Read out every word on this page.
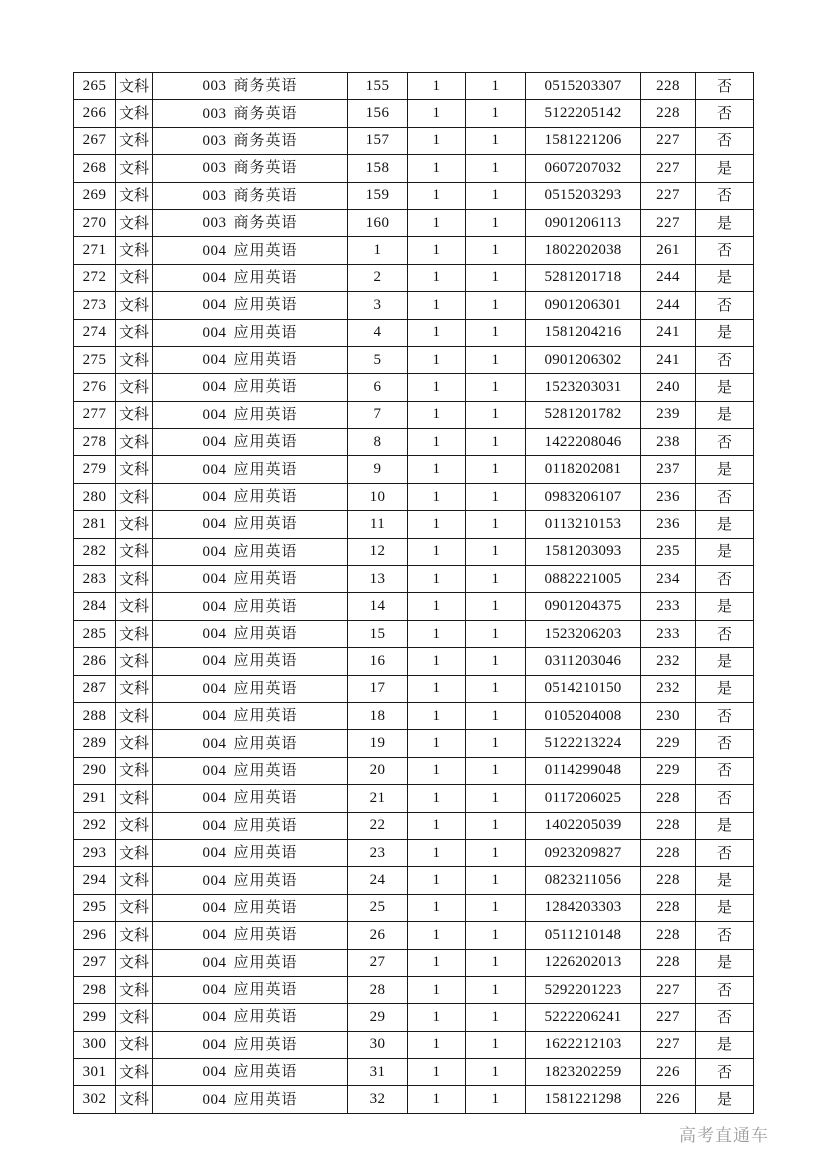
265	文科	003 商务英语	155	1	1	0515203307	228	否
266	文科	003 商务英语	156	1	1	5122205142	228	否
267	文科	003 商务英语	157	1	1	1581221206	227	否
268	文科	003 商务英语	158	1	1	0607207032	227	是
269	文科	003 商务英语	159	1	1	0515203293	227	否
270	文科	003 商务英语	160	1	1	0901206113	227	是
271	文科	004 应用英语	1	1	1	1802202038	261	否
272	文科	004 应用英语	2	1	1	5281201718	244	是
273	文科	004 应用英语	3	1	1	0901206301	244	否
274	文科	004 应用英语	4	1	1	1581204216	241	是
275	文科	004 应用英语	5	1	1	0901206302	241	否
276	文科	004 应用英语	6	1	1	1523203031	240	是
277	文科	004 应用英语	7	1	1	5281201782	239	是
278	文科	004 应用英语	8	1	1	1422208046	238	否
279	文科	004 应用英语	9	1	1	0118202081	237	是
280	文科	004 应用英语	10	1	1	0983206107	236	否
281	文科	004 应用英语	11	1	1	0113210153	236	是
282	文科	004 应用英语	12	1	1	1581203093	235	是
283	文科	004 应用英语	13	1	1	0882221005	234	否
284	文科	004 应用英语	14	1	1	0901204375	233	是
285	文科	004 应用英语	15	1	1	1523206203	233	否
286	文科	004 应用英语	16	1	1	0311203046	232	是
287	文科	004 应用英语	17	1	1	0514210150	232	是
288	文科	004 应用英语	18	1	1	0105204008	230	否
289	文科	004 应用英语	19	1	1	5122213224	229	否
290	文科	004 应用英语	20	1	1	0114299048	229	否
291	文科	004 应用英语	21	1	1	0117206025	228	否
292	文科	004 应用英语	22	1	1	1402205039	228	是
293	文科	004 应用英语	23	1	1	0923209827	228	否
294	文科	004 应用英语	24	1	1	0823211056	228	是
295	文科	004 应用英语	25	1	1	1284203303	228	是
296	文科	004 应用英语	26	1	1	0511210148	228	否
297	文科	004 应用英语	27	1	1	1226202013	228	是
298	文科	004 应用英语	28	1	1	5292201223	227	否
299	文科	004 应用英语	29	1	1	5222206241	227	否
300	文科	004 应用英语	30	1	1	1622212103	227	是
301	文科	004 应用英语	31	1	1	1823202259	226	否
302	文科	004 应用英语	32	1	1	1581221298	226	是
高考直通车
